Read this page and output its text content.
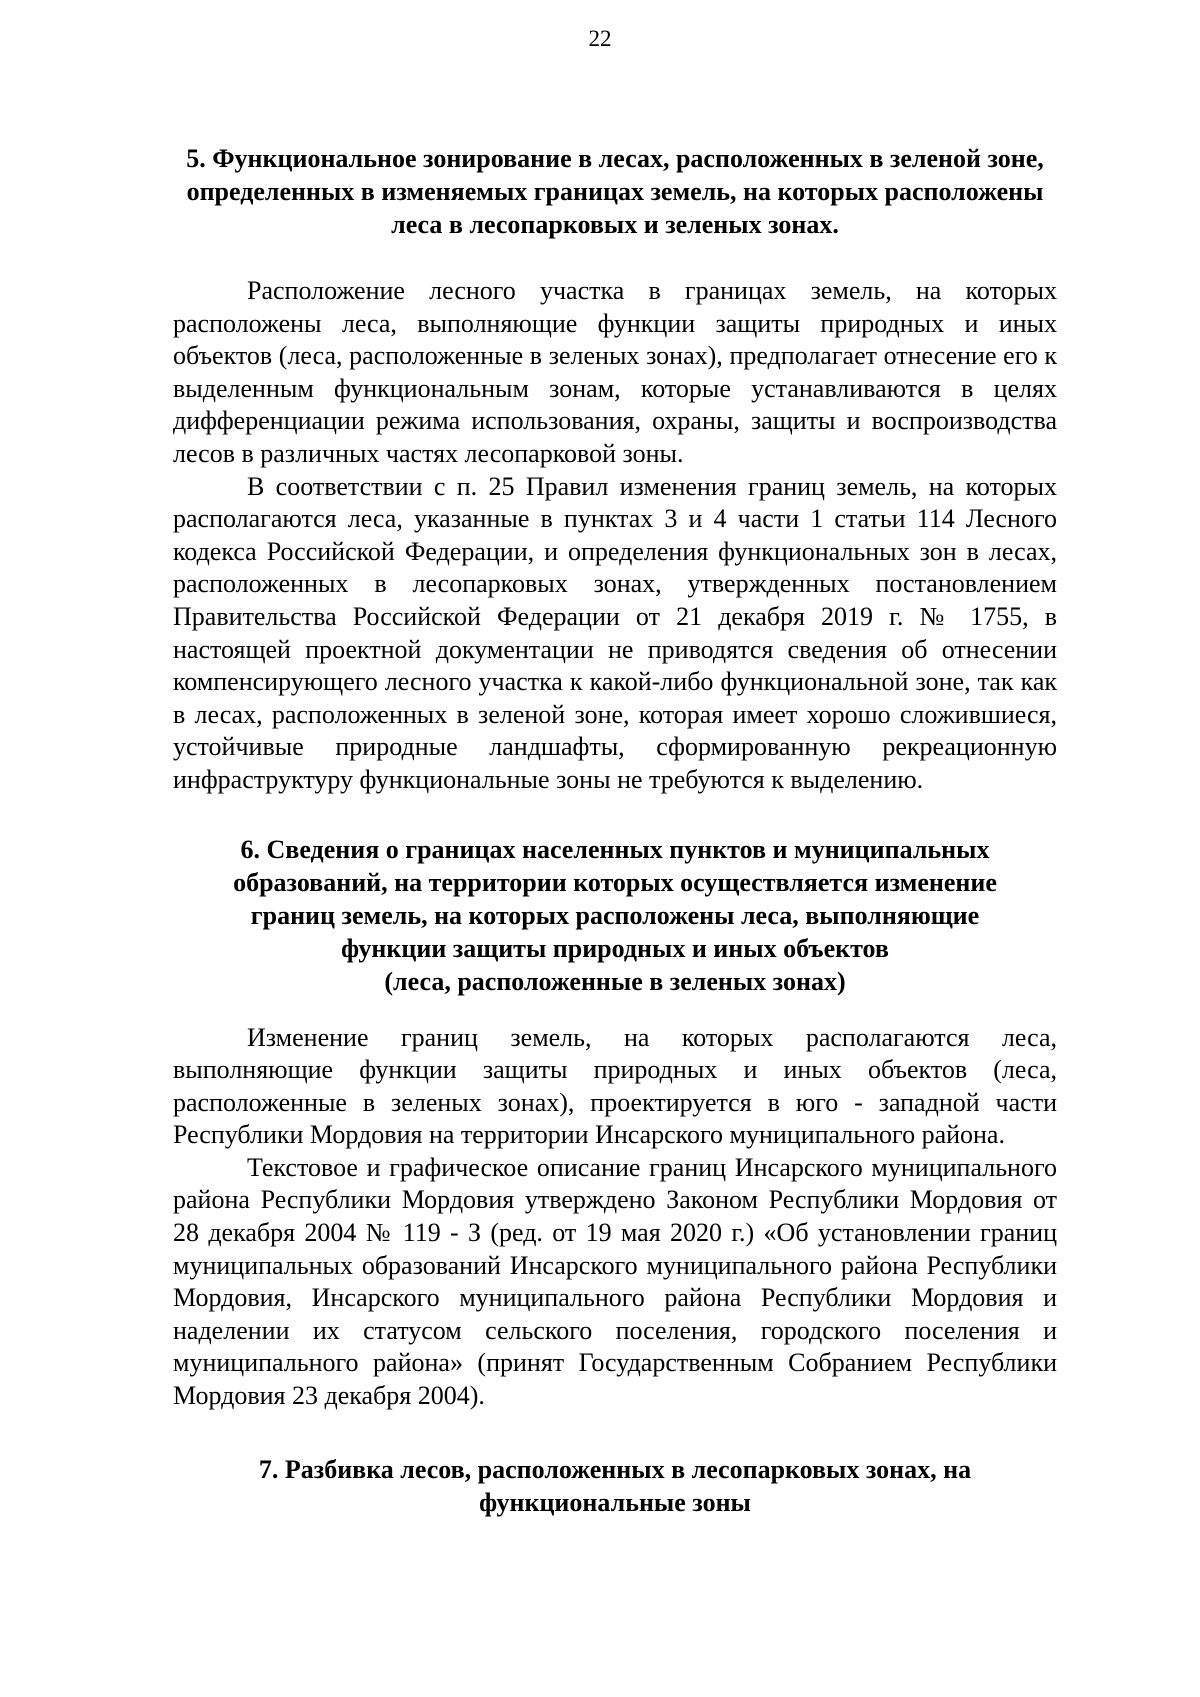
22
5. Функциональное зонирование в лесах, расположенных в зеленой зоне,
определенных в изменяемых границах земель, на которых расположены
леса в лесопарковых и зеленых зонах.

Расположение лесного участка в границах земель, на которых расположены леса, выполняющие функции защиты природных и иных объектов (леса, расположенные в зеленых зонах), предполагает отнесение его к выделенным функциональным зонам, которые устанавливаются в целях дифференциации режима использования, охраны, защиты и воспроизводства лесов в различных частях лесопарковой зоны.

В соответствии с п. 25 Правил изменения границ земель, на которых располагаются леса, указанные в пунктах 3 и 4 части 1 статьи 114 Лесного кодекса Российской Федерации, и определения функциональных зон в лесах, расположенных в лесопарковых зонах, утвержденных постановлением Правительства Российской Федерации от 21 декабря 2019 г. № 1755, в настоящей проектной документации не приводятся сведения об отнесении компенсирующего лесного участка к какой-либо функциональной зоне, так как в лесах, расположенных в зеленой зоне, которая имеет хорошо сложившиеся, устойчивые природные ландшафты, сформированную рекреационную инфраструктуру функциональные зоны не требуются к выделению.

6. Сведения о границах населенных пунктов и муниципальных
образований, на территории которых осуществляется изменение
границ земель, на которых расположены леса, выполняющие
функции защиты природных и иных объектов
(леса, расположенные в зеленых зонах)

Изменение границ земель, на которых располагаются леса, выполняющие функции защиты природных и иных объектов (леса, расположенные в зеленых зонах), проектируется в юго - западной части Республики Мордовия на территории Инсарского муниципального района.

Текстовое и графическое описание границ Инсарского муниципального района Республики Мордовия утверждено Законом Республики Мордовия от 28 декабря 2004 № 119 - З (ред. от 19 мая 2020 г.) «Об установлении границ муниципальных образований Инсарского муниципального района Республики Мордовия, Инсарского муниципального района Республики Мордовия и наделении их статусом сельского поселения, городского поселения и муниципального района» (принят Государственным Собранием Республики Мордовия 23 декабря 2004).

7. Разбивка лесов, расположенных в лесопарковых зонах, на
функциональные зоны
